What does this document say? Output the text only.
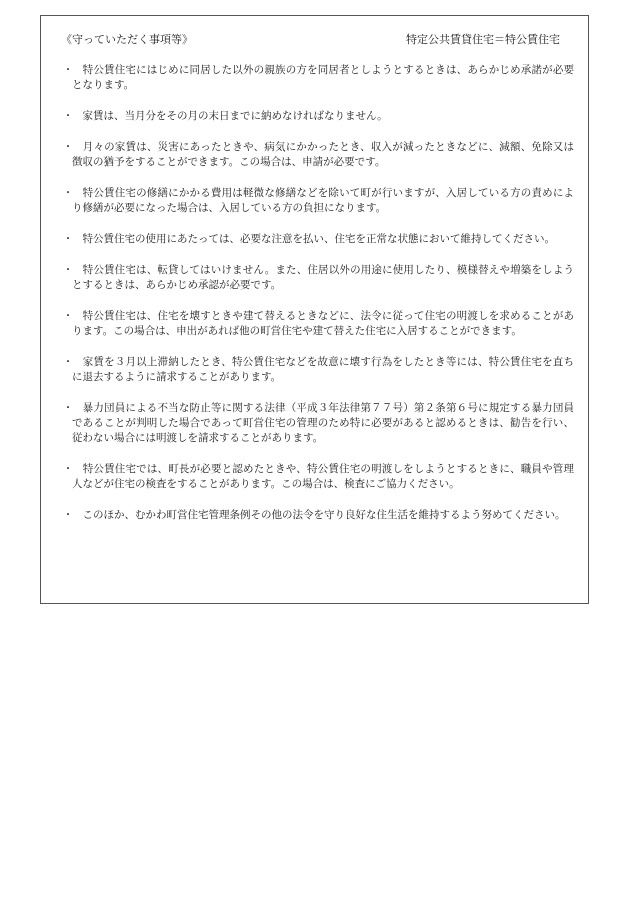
《守っていただく事項等》	特定公共賃貸住宅＝特公賃住宅
・ 　特公賃住宅にはじめに同居した以外の親族の方を同居者としようとするときは、あらかじめ承諾が必要となります。
・ 　家賃は、当月分をその月の末日までに納めなければなりません。
・ 　月々の家賃は、災害にあったときや、病気にかかったとき、収入が減ったときなどに、減額、免除又は徴収の猶予をすることができます。この場合は、申請が必要です。
・ 　特公賃住宅の修繕にかかる費用は軽微な修繕などを除いて町が行いますが、入居している方の責めにより修繕が必要になった場合は、入居している方の負担になります。
・ 　特公賃住宅の使用にあたっては、必要な注意を払い、住宅を正常な状態において維持してください。
・ 　特公賃住宅は、転貸してはいけません。また、住居以外の用途に使用したり、模様替えや増築をしようとするときは、あらかじめ承認が必要です。
・ 　特公賃住宅は、住宅を壊すときや建て替えるときなどに、法令に従って住宅の明渡しを求めることがあります。この場合は、申出があれば他の町営住宅や建て替えた住宅に入居することができます。
・ 　家賃を３月以上滞納したとき、特公賃住宅などを故意に壊す行為をしたとき等には、特公賃住宅を直ちに退去するように請求することがあります。
・ 　暴力団員による不当な防止等に関する法律（平成３年法律第７７号）第２条第６号に規定する暴力団員であることが判明した場合であって町営住宅の管理のため特に必要があると認めるときは、勧告を行い、従わない場合には明渡しを請求することがあります。
・ 　特公賃住宅では、町長が必要と認めたときや、特公賃住宅の明渡しをしようとするときに、職員や管理人などが住宅の検査をすることがあります。この場合は、検査にご協力ください。
・ 　このほか、むかわ町営住宅管理条例その他の法令を守り良好な住生活を維持するよう努めてください。
